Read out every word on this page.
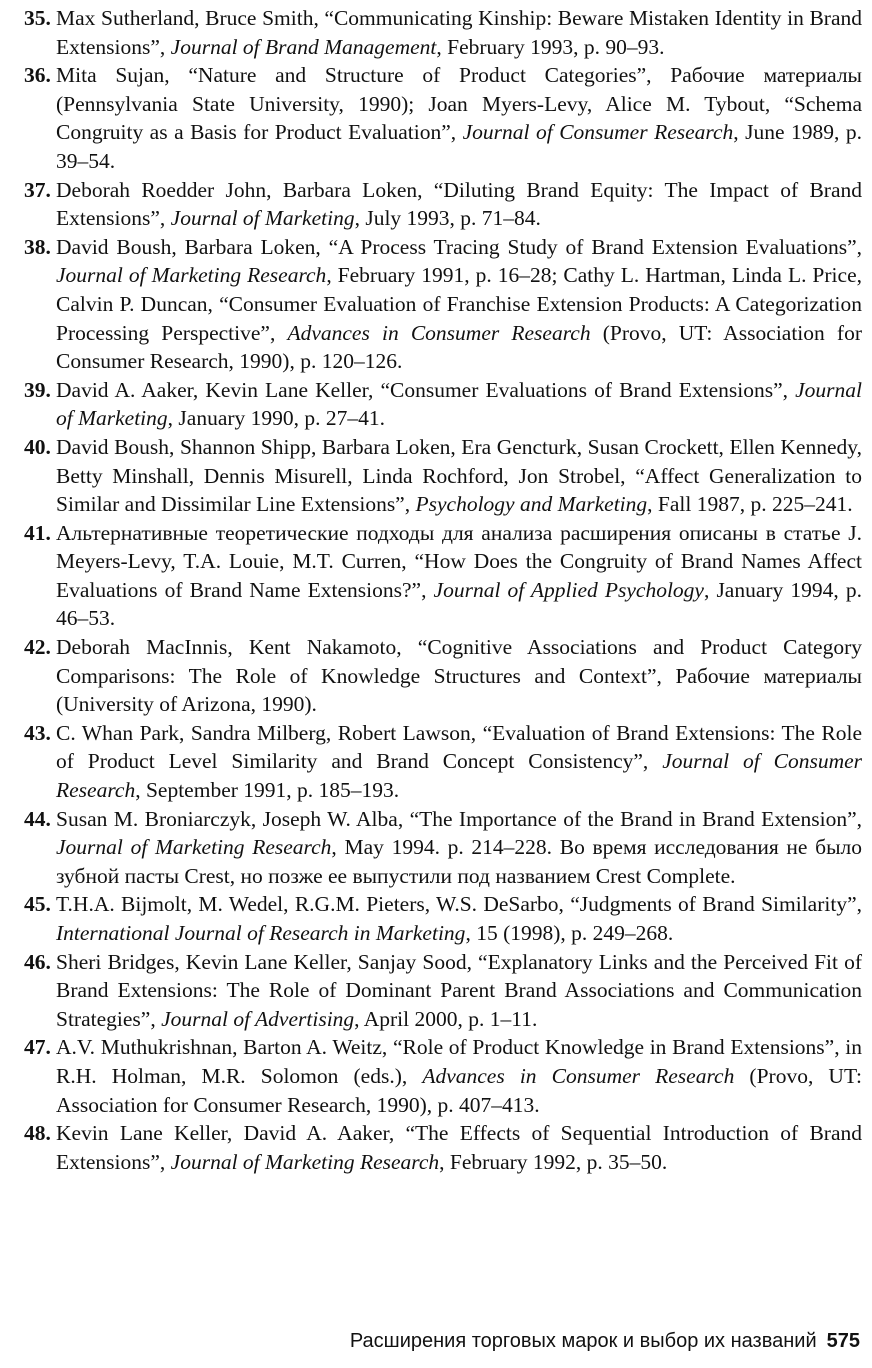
35. Max Sutherland, Bruce Smith, “Communicating Kinship: Beware Mistaken Identity in Brand Extensions”, Journal of Brand Management, February 1993, p. 90–93.
36. Mita Sujan, “Nature and Structure of Product Categories”, Рабочие материалы (Pennsylvania State University, 1990); Joan Myers-Levy, Alice M. Tybout, “Schema Congruity as a Basis for Product Evaluation”, Journal of Consumer Research, June 1989, p. 39–54.
37. Deborah Roedder John, Barbara Loken, “Diluting Brand Equity: The Impact of Brand Extensions”, Journal of Marketing, July 1993, p. 71–84.
38. David Boush, Barbara Loken, “A Process Tracing Study of Brand Extension Evaluations”, Journal of Marketing Research, February 1991, p. 16–28; Cathy L. Hartman, Linda L. Price, Calvin P. Duncan, “Consumer Evaluation of Franchise Extension Products: A Categorization Processing Perspective”, Advances in Consumer Research (Provo, UT: Association for Consumer Research, 1990), p. 120–126.
39. David A. Aaker, Kevin Lane Keller, “Consumer Evaluations of Brand Extensions”, Journal of Marketing, January 1990, p. 27–41.
40. David Boush, Shannon Shipp, Barbara Loken, Era Gencturk, Susan Crockett, Ellen Kennedy, Betty Minshall, Dennis Misurell, Linda Rochford, Jon Strobel, “Affect Generalization to Similar and Dissimilar Line Extensions”, Psychology and Marketing, Fall 1987, p. 225–241.
41. Альтернативные теоретические подходы для анализа расширения описаны в статье J. Meyers-Levy, T.A. Louie, M.T. Curren, “How Does the Congruity of Brand Names Affect Evaluations of Brand Name Extensions?”, Journal of Applied Psychology, January 1994, p. 46–53.
42. Deborah MacInnis, Kent Nakamoto, “Cognitive Associations and Product Category Comparisons: The Role of Knowledge Structures and Context”, Рабочие материалы (University of Arizona, 1990).
43. C. Whan Park, Sandra Milberg, Robert Lawson, “Evaluation of Brand Extensions: The Role of Product Level Similarity and Brand Concept Consistency”, Journal of Consumer Research, September 1991, p. 185–193.
44. Susan M. Broniarczyk, Joseph W. Alba, “The Importance of the Brand in Brand Extension”, Journal of Marketing Research, May 1994. p. 214–228. Во время исследования не было зубной пасты Crest, но позже ее выпустили под названием Crest Complete.
45. T.H.A. Bijmolt, M. Wedel, R.G.M. Pieters, W.S. DeSarbo, “Judgments of Brand Similarity”, International Journal of Research in Marketing, 15 (1998), p. 249–268.
46. Sheri Bridges, Kevin Lane Keller, Sanjay Sood, “Explanatory Links and the Perceived Fit of Brand Extensions: The Role of Dominant Parent Brand Associations and Communication Strategies”, Journal of Advertising, April 2000, p. 1–11.
47. A.V. Muthukrishnan, Barton A. Weitz, “Role of Product Knowledge in Brand Extensions”, in R.H. Holman, M.R. Solomon (eds.), Advances in Consumer Research (Provo, UT: Association for Consumer Research, 1990), p. 407–413.
48. Kevin Lane Keller, David A. Aaker, “The Effects of Sequential Introduction of Brand Extensions”, Journal of Marketing Research, February 1992, p. 35–50.
Расширения торговых марок и выбор их названий 575
